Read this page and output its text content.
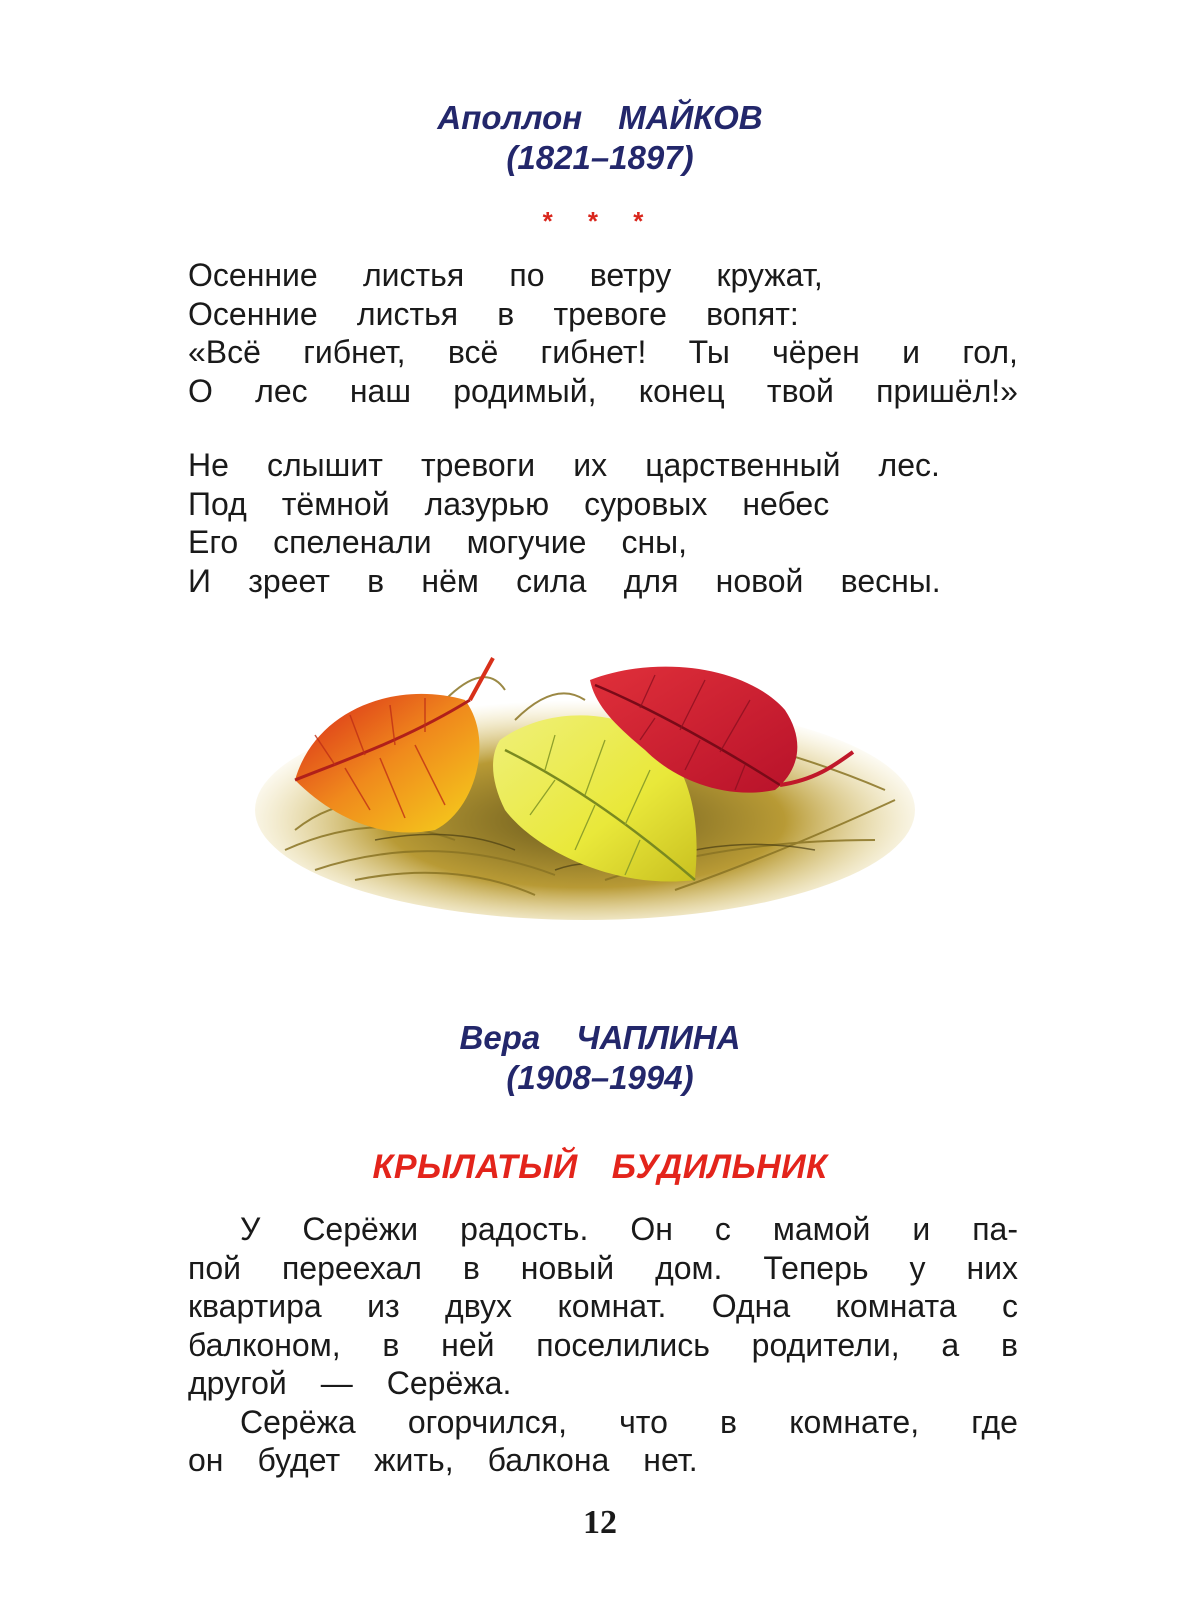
Аполлон МАЙКОВ
(1821–1897)
* * *
Осенние листья по ветру кружат,
Осенние листья в тревоге вопят:
«Всё гибнет, всё гибнет! Ты чёрен и гол,
О лес наш родимый, конец твой пришёл!»
Не слышит тревоги их царственный лес.
Под тёмной лазурью суровых небес
Его спеленали могучие сны,
И зреет в нём сила для новой весны.
Вера ЧАПЛИНА
(1908–1994)
КРЫЛАТЫЙ БУДИЛЬНИК
У Серёжи радость. Он с мамой и па-
пой переехал в новый дом. Теперь у них
квартира из двух комнат. Одна комната с
балконом, в ней поселились родители, а в
другой — Серёжа.
Серёжа огорчился, что в комнате, где
он будет жить, балкона нет.
12
